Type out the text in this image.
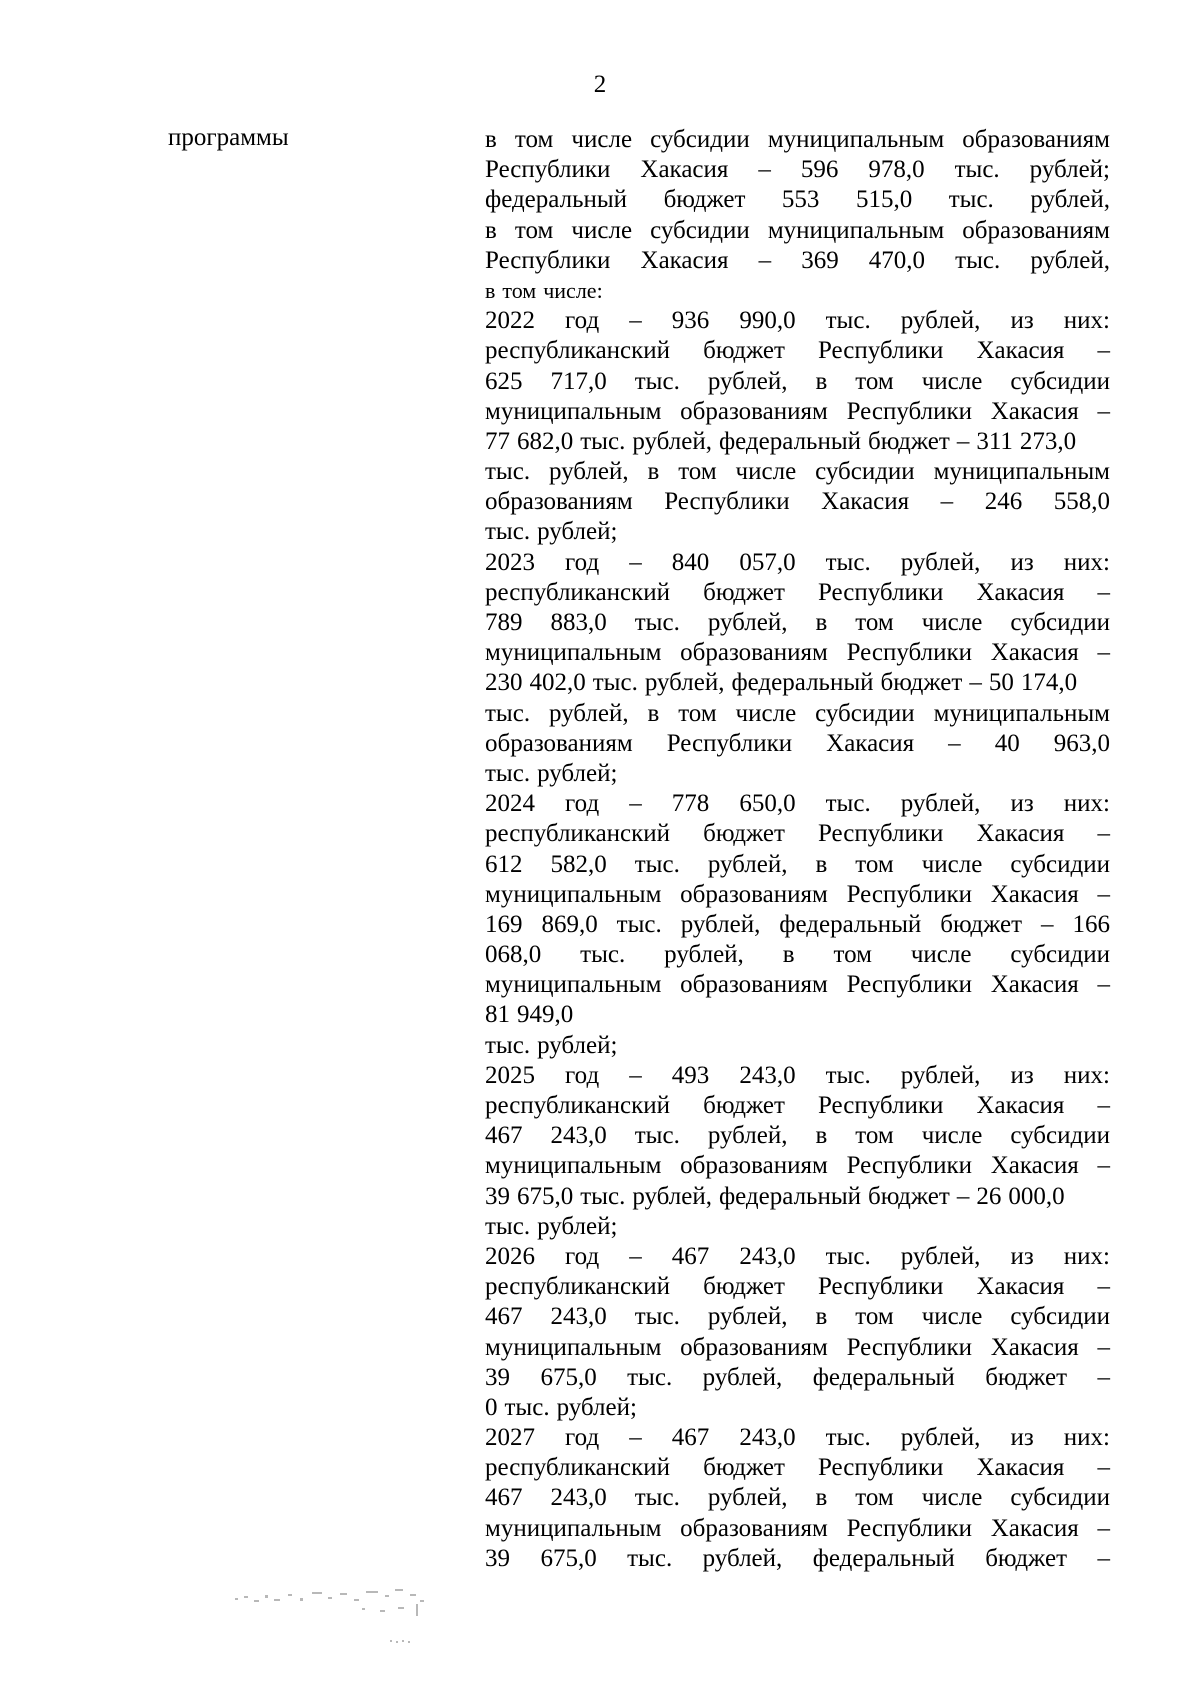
2
программы	в том числе субсидии муниципальным образованиям
Республики Хакасия – 596 978,0 тыс. рублей;
федеральный бюджет 553 515,0 тыс. рублей,
в том числе субсидии муниципальным образованиям
Республики Хакасия – 369 470,0 тыс. рублей,
в том числе:
2022 год – 936 990,0 тыс. рублей, из них:
республиканский бюджет Республики Хакасия –
625 717,0 тыс. рублей, в том числе субсидии
муниципальным образованиям Республики Хакасия –
77 682,0 тыс. рублей, федеральный бюджет – 311 273,0
тыс. рублей, в том числе субсидии муниципальным
образованиям Республики Хакасия – 246 558,0
тыс. рублей;
2023 год – 840 057,0 тыс. рублей, из них:
республиканский бюджет Республики Хакасия –
789 883,0 тыс. рублей, в том числе субсидии
муниципальным образованиям Республики Хакасия –
230 402,0 тыс. рублей, федеральный бюджет – 50 174,0
тыс. рублей, в том числе субсидии муниципальным
образованиям Республики Хакасия – 40 963,0
тыс. рублей;
2024 год – 778 650,0 тыс. рублей, из них:
республиканский бюджет Республики Хакасия –
612 582,0 тыс. рублей, в том числе субсидии
муниципальным образованиям Республики Хакасия –
169 869,0 тыс. рублей, федеральный бюджет – 166
068,0 тыс. рублей, в том числе субсидии
муниципальным образованиям Республики Хакасия –
81 949,0
тыс. рублей;
2025 год – 493 243,0 тыс. рублей, из них:
республиканский бюджет Республики Хакасия –
467 243,0 тыс. рублей, в том числе субсидии
муниципальным образованиям Республики Хакасия –
39 675,0 тыс. рублей, федеральный бюджет – 26 000,0
тыс. рублей;
2026 год – 467 243,0 тыс. рублей, из них:
республиканский бюджет Республики Хакасия –
467 243,0 тыс. рублей, в том числе субсидии
муниципальным образованиям Республики Хакасия –
39 675,0 тыс. рублей, федеральный бюджет –
0 тыс. рублей;
2027 год – 467 243,0 тыс. рублей, из них:
республиканский бюджет Республики Хакасия –
467 243,0 тыс. рублей, в том числе субсидии
муниципальным образованиям Республики Хакасия –
39 675,0 тыс. рублей, федеральный бюджет –
